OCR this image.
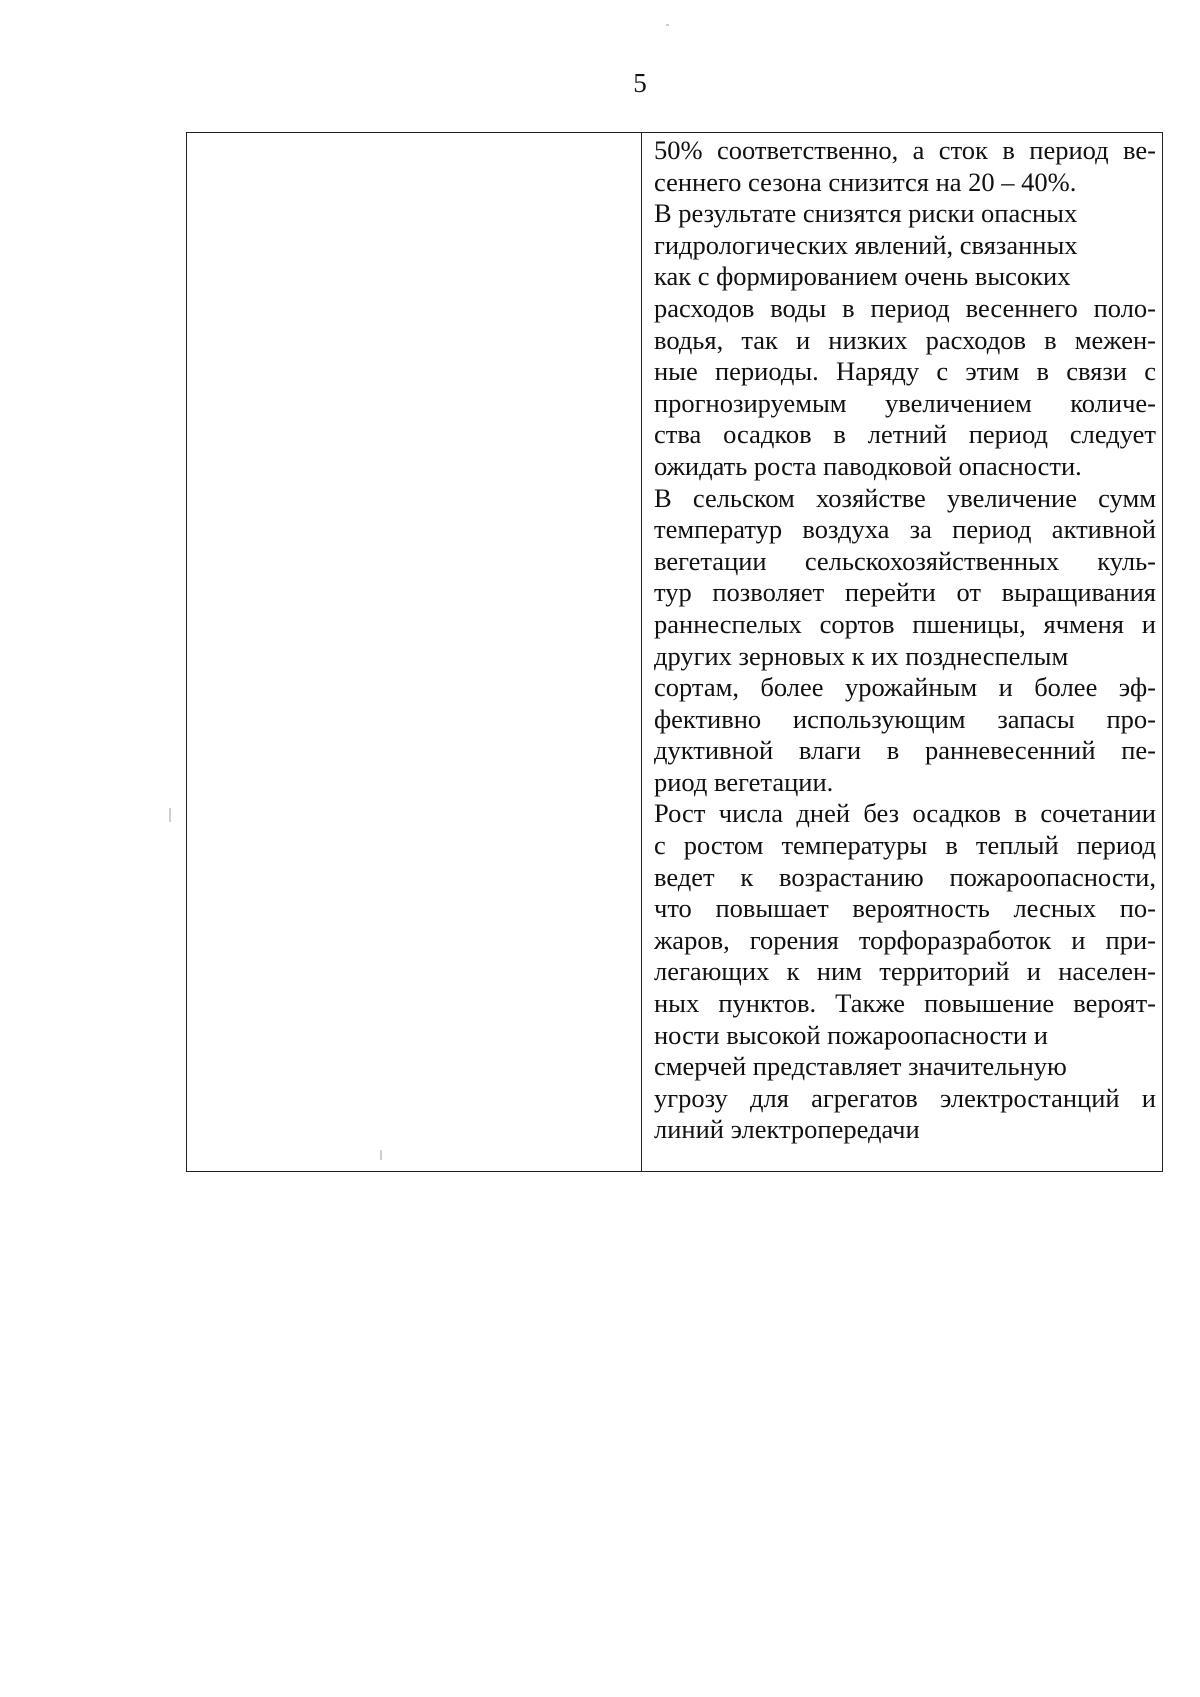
5

50% соответственно, а сток в период ве-
сеннего сезона снизится на 20 – 40%.

В результате снизятся риски опасных
гидрологических явлений, связанных
как с формированием очень высоких
расходов воды в период весеннего поло-
водья, так и низких расходов в межен-
ные периоды. Наряду с этим в связи с
прогнозируемым увеличением количе-
ства осадков в летний период следует
ожидать роста паводковой опасности.

В сельском хозяйстве увеличение сумм
температур воздуха за период активной
вегетации сельскохозяйственных куль-
тур позволяет перейти от выращивания
раннеспелых сортов пшеницы, ячменя и
других зерновых к их позднеспелым
сортам, более урожайным и более эф-
фективно использующим запасы про-
дуктивной влаги в ранневесенний пе-
риод вегетации.

Рост числа дней без осадков в сочетании
с ростом температуры в теплый период
ведет к возрастанию пожароопасности,
что повышает вероятность лесных по-
жаров, горения торфоразработок и при-
легающих к ним территорий и населен-
ных пунктов. Также повышение вероят-
ности высокой пожароопасности и
смерчей представляет значительную
угрозу для агрегатов электростанций и
линий электропередачи
